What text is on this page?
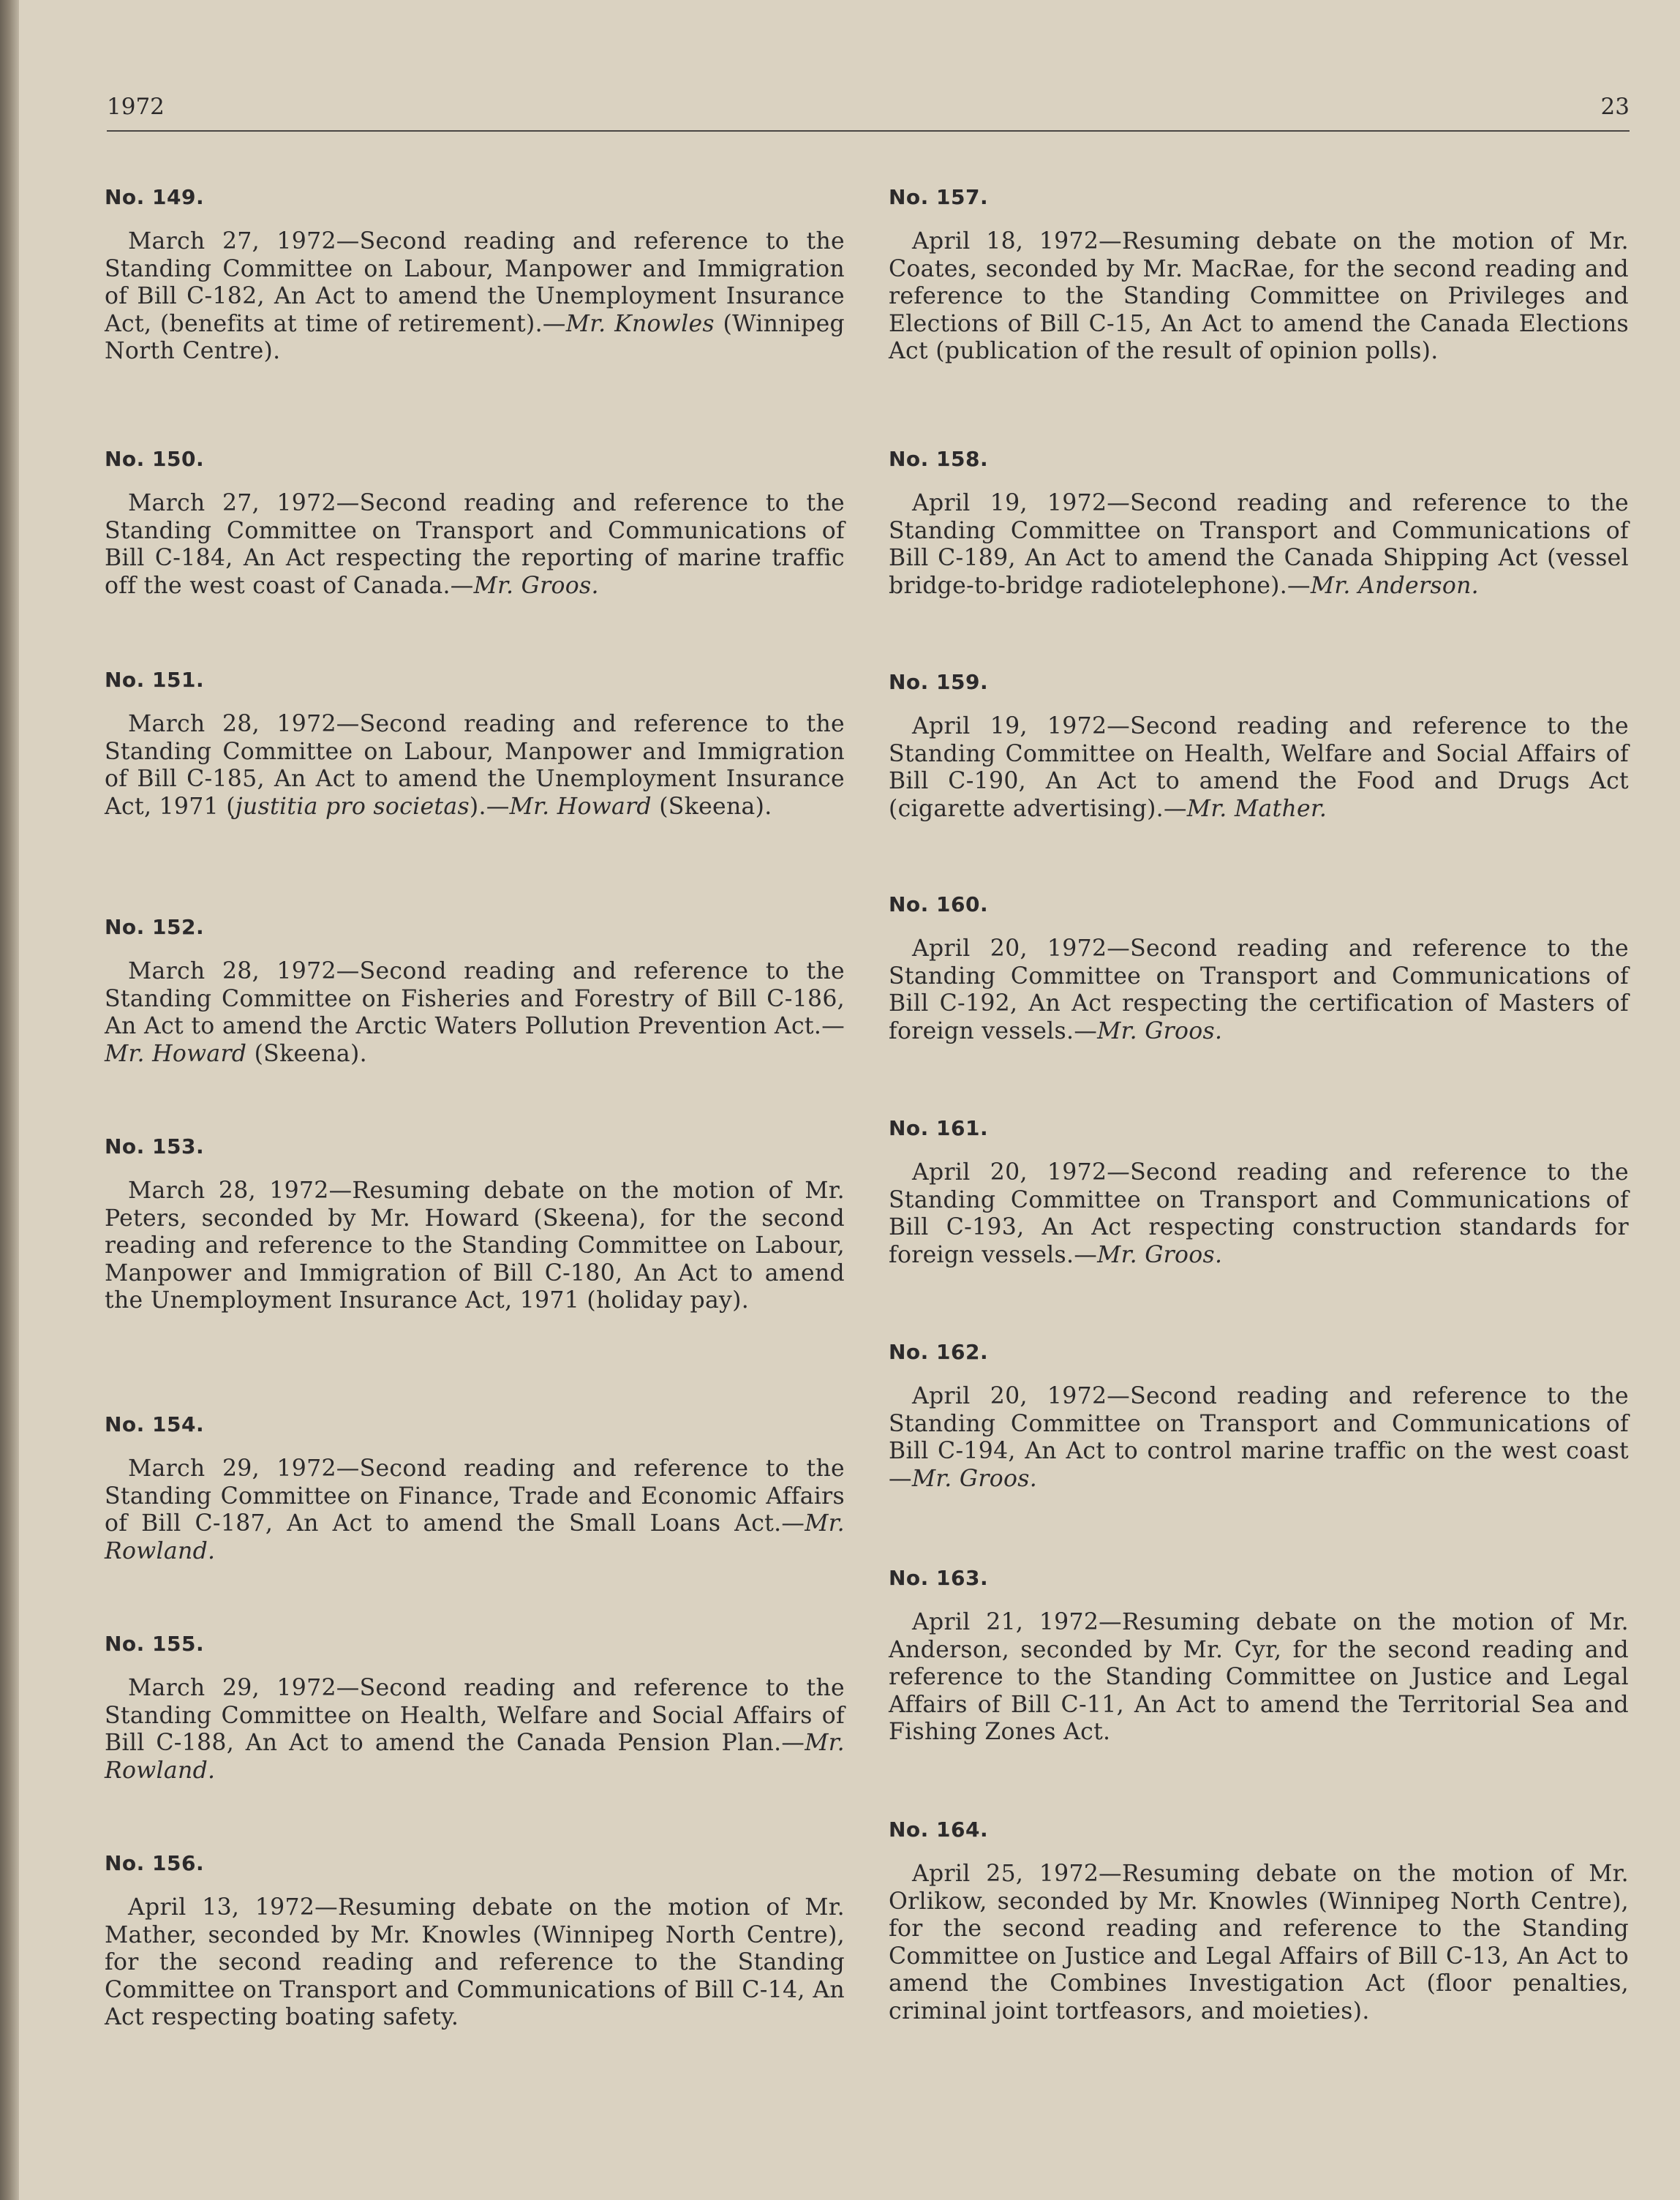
1972	23
No. 149.

March 27, 1972—Second reading and reference to the Standing Committee on Labour, Manpower and Immigration of Bill C-182, An Act to amend the Unemployment Insurance Act, (benefits at time of retirement).—Mr. Knowles (Winnipeg North Centre).

No. 150.

March 27, 1972—Second reading and reference to the Standing Committee on Transport and Communications of Bill C-184, An Act respecting the reporting of marine traffic off the west coast of Canada.—Mr. Groos.

No. 151.

March 28, 1972—Second reading and reference to the Standing Committee on Labour, Manpower and Immigration of Bill C-185, An Act to amend the Unemployment Insurance Act, 1971 (justitia pro societas).—Mr. Howard (Skeena).

No. 152.

March 28, 1972—Second reading and reference to the Standing Committee on Fisheries and Forestry of Bill C-186, An Act to amend the Arctic Waters Pollution Prevention Act.—Mr. Howard (Skeena).

No. 153.

March 28, 1972—Resuming debate on the motion of Mr. Peters, seconded by Mr. Howard (Skeena), for the second reading and reference to the Standing Committee on Labour, Manpower and Immigration of Bill C-180, An Act to amend the Unemployment Insurance Act, 1971 (holiday pay).

No. 154.

March 29, 1972—Second reading and reference to the Standing Committee on Finance, Trade and Economic Affairs of Bill C-187, An Act to amend the Small Loans Act.—Mr. Rowland.

No. 155.

March 29, 1972—Second reading and reference to the Standing Committee on Health, Welfare and Social Affairs of Bill C-188, An Act to amend the Canada Pension Plan.—Mr. Rowland.

No. 156.

April 13, 1972—Resuming debate on the motion of Mr. Mather, seconded by Mr. Knowles (Winnipeg North Centre), for the second reading and reference to the Standing Committee on Transport and Communications of Bill C-14, An Act respecting boating safety.

No. 157.

April 18, 1972—Resuming debate on the motion of Mr. Coates, seconded by Mr. MacRae, for the second reading and reference to the Standing Committee on Privileges and Elections of Bill C-15, An Act to amend the Canada Elections Act (publication of the result of opinion polls).

No. 158.

April 19, 1972—Second reading and reference to the Standing Committee on Transport and Communications of Bill C-189, An Act to amend the Canada Shipping Act (vessel bridge-to-bridge radiotelephone).—Mr. Anderson.

No. 159.

April 19, 1972—Second reading and reference to the Standing Committee on Health, Welfare and Social Affairs of Bill C-190, An Act to amend the Food and Drugs Act (cigarette advertising).—Mr. Mather.

No. 160.

April 20, 1972—Second reading and reference to the Standing Committee on Transport and Communications of Bill C-192, An Act respecting the certification of Masters of foreign vessels.—Mr. Groos.

No. 161.

April 20, 1972—Second reading and reference to the Standing Committee on Transport and Communications of Bill C-193, An Act respecting construction standards for foreign vessels.—Mr. Groos.

No. 162.

April 20, 1972—Second reading and reference to the Standing Committee on Transport and Communications of Bill C-194, An Act to control marine traffic on the west coast—Mr. Groos.

No. 163.

April 21, 1972—Resuming debate on the motion of Mr. Anderson, seconded by Mr. Cyr, for the second reading and reference to the Standing Committee on Justice and Legal Affairs of Bill C-11, An Act to amend the Territorial Sea and Fishing Zones Act.

No. 164.

April 25, 1972—Resuming debate on the motion of Mr. Orlikow, seconded by Mr. Knowles (Winnipeg North Centre), for the second reading and reference to the Standing Committee on Justice and Legal Affairs of Bill C-13, An Act to amend the Combines Investigation Act (floor penalties, criminal joint tortfeasors, and moieties).
